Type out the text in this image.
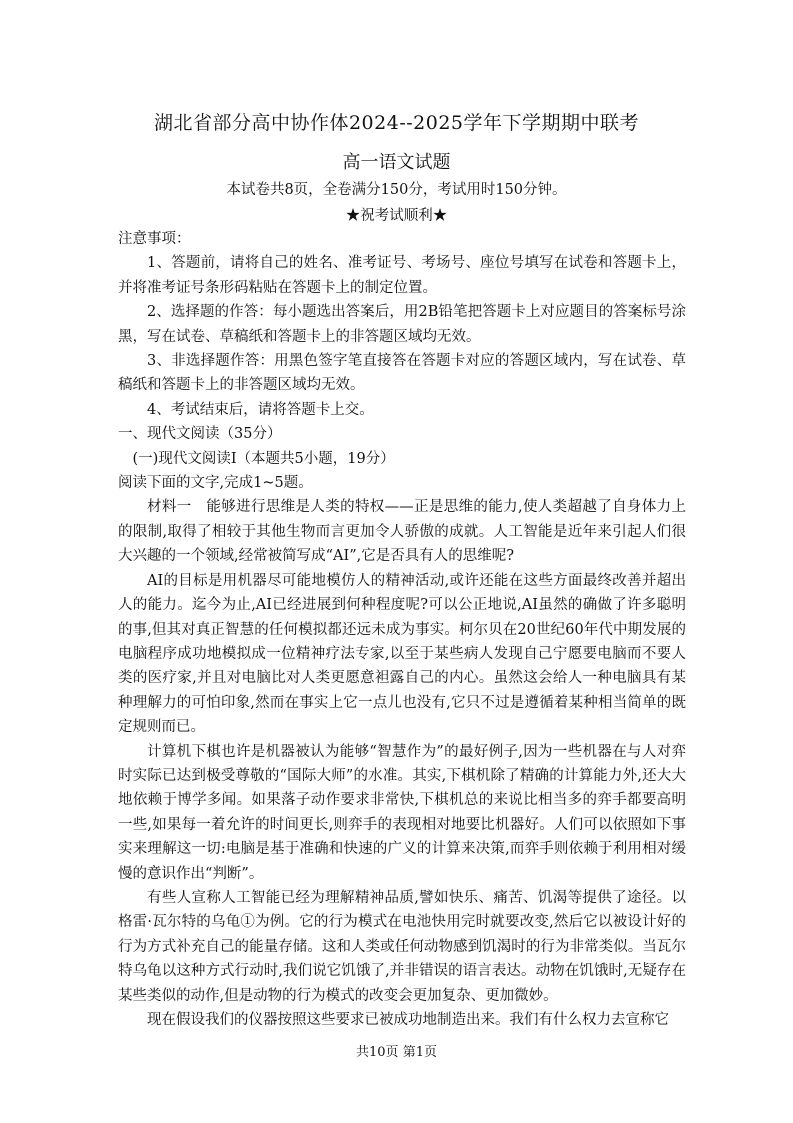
湖北省部分高中协作体2024--2025学年下学期期中联考
高一语文试题
本试卷共8页，全卷满分150分，考试用时150分钟。
★祝考试顺利★

注意事项：

1、答题前，请将自己的姓名、准考证号、考场号、座位号填写在试卷和答题卡上，并将准考证号条形码粘贴在答题卡上的制定位置。

2、选择题的作答：每小题选出答案后，用2B铅笔把答题卡上对应题目的答案标号涂黑，写在试卷、草稿纸和答题卡上的非答题区域均无效。

3、非选择题作答：用黑色签字笔直接答在答题卡对应的答题区域内，写在试卷、草稿纸和答题卡上的非答题区域均无效。

4、考试结束后，请将答题卡上交。

一、现代文阅读（35分）

(一)现代文阅读Ⅰ（本题共5小题，19分）

阅读下面的文字,完成1~5题。

材料一　能够进行思维是人类的特权——正是思维的能力,使人类超越了自身体力上的限制,取得了相较于其他生物而言更加令人骄傲的成就。人工智能是近年来引起人们很大兴趣的一个领域,经常被简写成“AI”,它是否具有人的思维呢?

AI的目标是用机器尽可能地模仿人的精神活动,或许还能在这些方面最终改善并超出人的能力。迄今为止,AI已经进展到何种程度呢?可以公正地说,AI虽然的确做了许多聪明的事,但其对真正智慧的任何模拟都还远未成为事实。柯尔贝在20世纪60年代中期发展的电脑程序成功地模拟成一位精神疗法专家,以至于某些病人发现自己宁愿要电脑而不要人类的医疗家,并且对电脑比对人类更愿意袒露自己的内心。虽然这会给人一种电脑具有某种理解力的可怕印象,然而在事实上它一点儿也没有,它只不过是遵循着某种相当简单的既定规则而已。

计算机下棋也许是机器被认为能够“智慧作为”的最好例子,因为一些机器在与人对弈时实际已达到极受尊敬的“国际大师”的水准。其实,下棋机除了精确的计算能力外,还大大地依赖于博学多闻。如果落子动作要求非常快,下棋机总的来说比相当多的弈手都要高明一些,如果每一着允许的时间更长,则弈手的表现相对地要比机器好。人们可以依照如下事实来理解这一切:电脑是基于准确和快速的广义的计算来决策,而弈手则依赖于利用相对缓慢的意识作出“判断”。

有些人宣称人工智能已经为理解精神品质,譬如快乐、痛苦、饥渴等提供了途径。以格雷·瓦尔特的乌龟①为例。它的行为模式在电池快用完时就要改变,然后它以被设计好的行为方式补充自己的能量存储。这和人类或任何动物感到饥渴时的行为非常类似。当瓦尔特乌龟以这种方式行动时,我们说它饥饿了,并非错误的语言表达。动物在饥饿时,无疑存在某些类似的动作,但是动物的行为模式的改变会更加复杂、更加微妙。

现在假设我们的仪器按照这些要求已被成功地制造出来。我们有什么权力去宣称它

共10页 第1页
